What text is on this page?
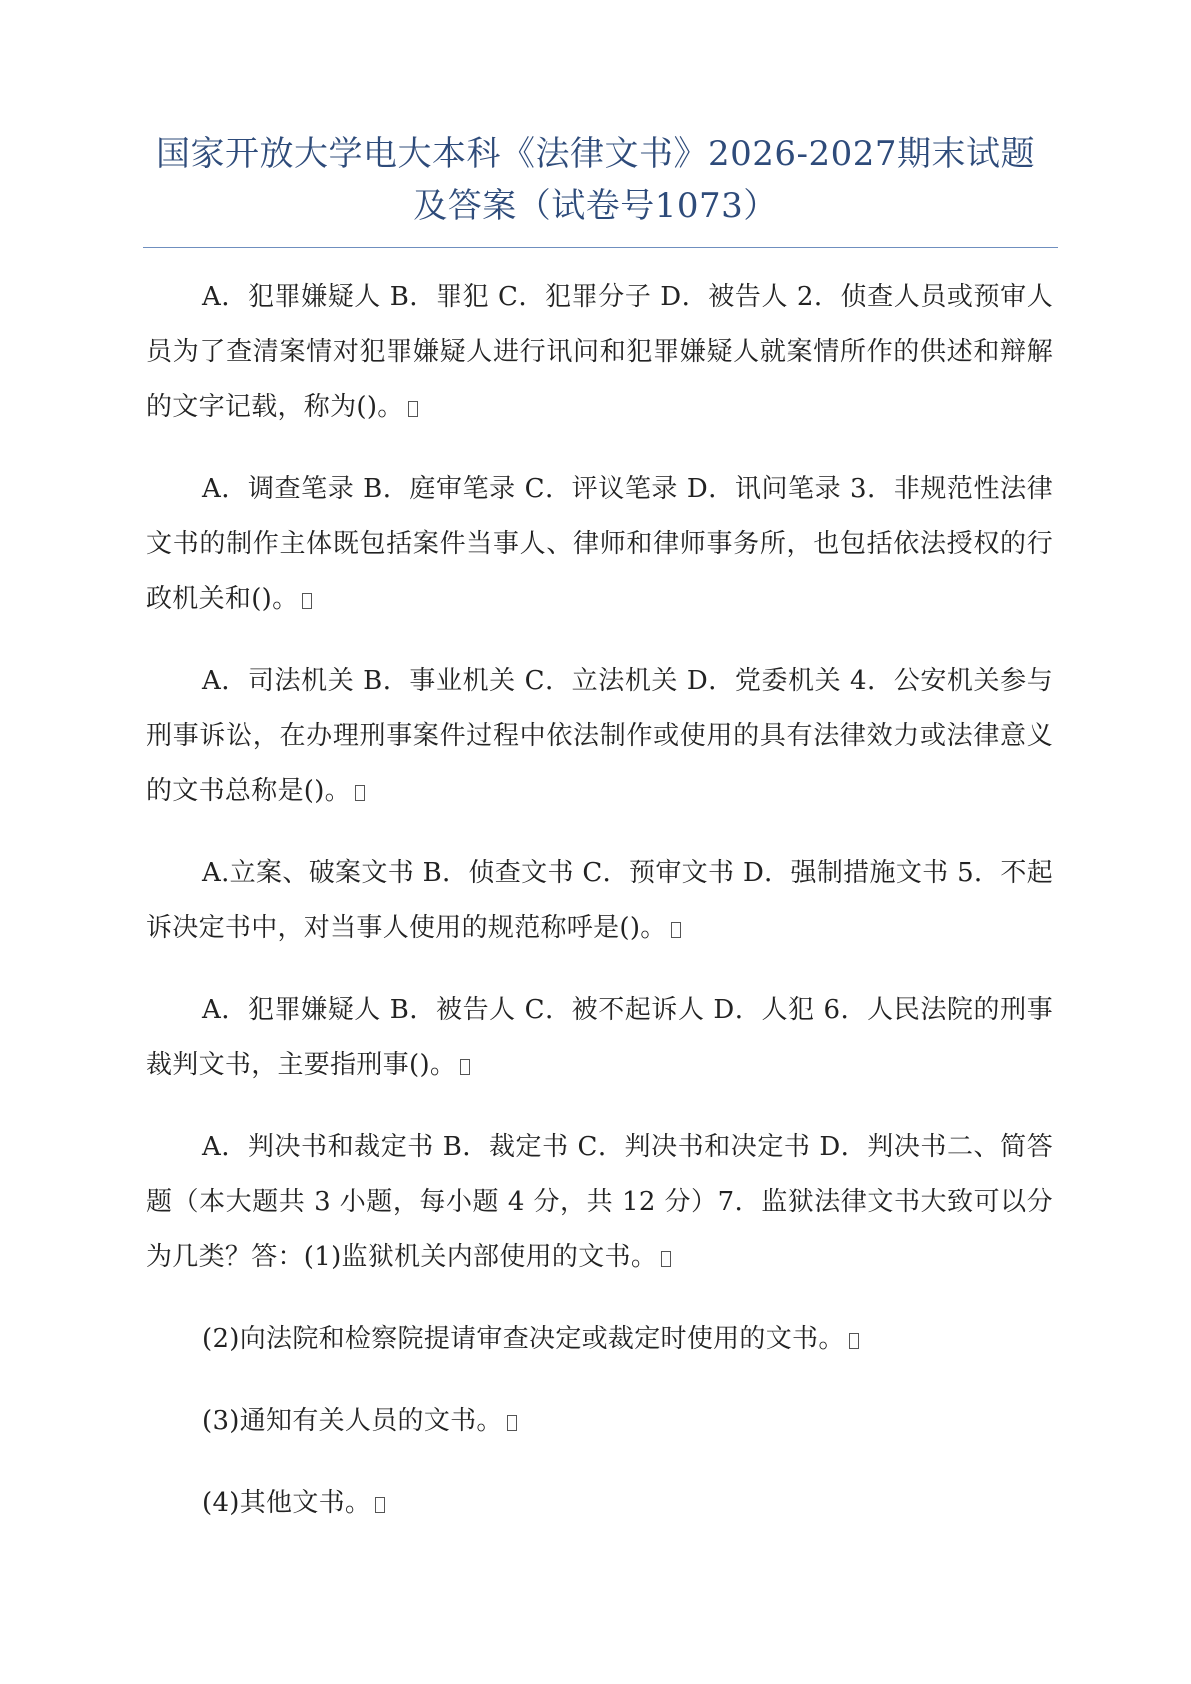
国家开放大学电大本科《法律文书》2026-2027期末试题及答案（试卷号1073）

A．犯罪嫌疑人 B．罪犯 C．犯罪分子 D．被告人 2．侦查人员或预审人员为了查清案情对犯罪嫌疑人进行讯问和犯罪嫌疑人就案情所作的供述和辩解的文字记载，称为()。

A．调查笔录 B．庭审笔录 C．评议笔录 D．讯问笔录 3．非规范性法律文书的制作主体既包括案件当事人、律师和律师事务所，也包括依法授权的行政机关和()。

A．司法机关 B．事业机关 C．立法机关 D．党委机关 4．公安机关参与刑事诉讼，在办理刑事案件过程中依法制作或使用的具有法律效力或法律意义的文书总称是()。

A.立案、破案文书 B．侦查文书 C．预审文书 D．强制措施文书 5．不起诉决定书中，对当事人使用的规范称呼是()。

A．犯罪嫌疑人 B．被告人 C．被不起诉人 D．人犯 6．人民法院的刑事裁判文书，主要指刑事()。

A．判决书和裁定书 B．裁定书 C．判决书和决定书 D．判决书二、简答题（本大题共 3 小题，每小题 4 分，共 12 分）7．监狱法律文书大致可以分为几类？答：(1)监狱机关内部使用的文书。

(2)向法院和检察院提请审查决定或裁定时使用的文书。

(3)通知有关人员的文书。

(4)其他文书。
